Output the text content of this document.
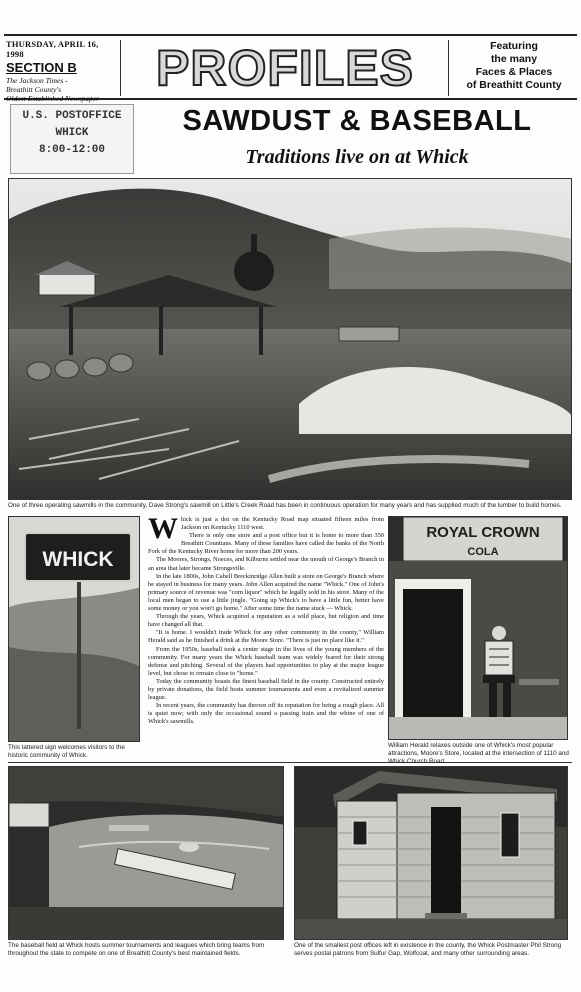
THURSDAY, APRIL 16, 1998
SECTION B
The Jackson Times -
Breathitt County's
Oldest Established Newspaper
PROFILES	Featuring
the many
Faces & Places
of Breathitt County
U.S. POSTOFFICE
WHICK
8:00-12:00
SAWDUST & BASEBALL
Traditions live on at Whick
One of three operating sawmills in the community, Dave Strong's sawmill on Little's Creek Road has been in continuous operation for many years and has supplied much of the lumber to build homes.
WHICK
This tattered sign welcomes visitors to the historic community of Whick.

Whick is just a dot on the Kentucky Road map situated fifteen miles from Jackson on Kentucky 1110 west.

There is only one store and a post office but it is home to more than 350 Breathitt Countians. Many of these families have called the banks of the North Fork of the Kentucky River home for more than 200 years.

The Moores, Strongs, Noeces, and Kilburns settled near the mouth of George's Branch in an area that later became Strongsville.

In the late 1800s, John Cabell Breckinridge Allen built a store on George's Branch where he stayed in business for many years. John Allen acquired the name "Whick." One of John's primary source of revenue was "corn liquor" which he legally sold in his store. Many of the local men began to use a little jingle. "Going up Whick's to have a little fun, better have some money or you won't go home." After some time the name stuck — Whick.

Through the years, Whick acquired a reputation as a wild place, but religion and time have changed all that.

"It is home. I wouldn't trade Whick for any other community in the county," William Herald said as he finished a drink at the Moore Store. "There is just no place like it."

From the 1950s, baseball took a center stage in the lives of the young members of the community. For many years the Whick baseball team was widely feared for their strong defense and pitching. Several of the players had opportunities to play at the major league level, but chose to remain close to "home."

Today the community boasts the finest baseball field in the county. Constructed entirely by private donations, the field hosts summer tournaments and even a revitalized summer league.

In recent years, the community has thrown off its reputation for being a rough place. All is quiet now; with only the occasional sound a passing train and the whine of one of Whick's sawmills.

ROYAL CROWN
COLA
William Herald relaxes outside one of Whick's most popular attractions, Moore's Store, located at the intersection of 1110 and
The baseball field at Whick hosts summer tournaments and leagues which bring teams from throughout the state to compete on one of Breathitt County's best maintained fields.
One of the smallest post offices left in existence in the county, the Whick Postmaster Phil Strong serves postal patrons from Sulfur Gap, Wolfcoal, and many other surrounding areas.
